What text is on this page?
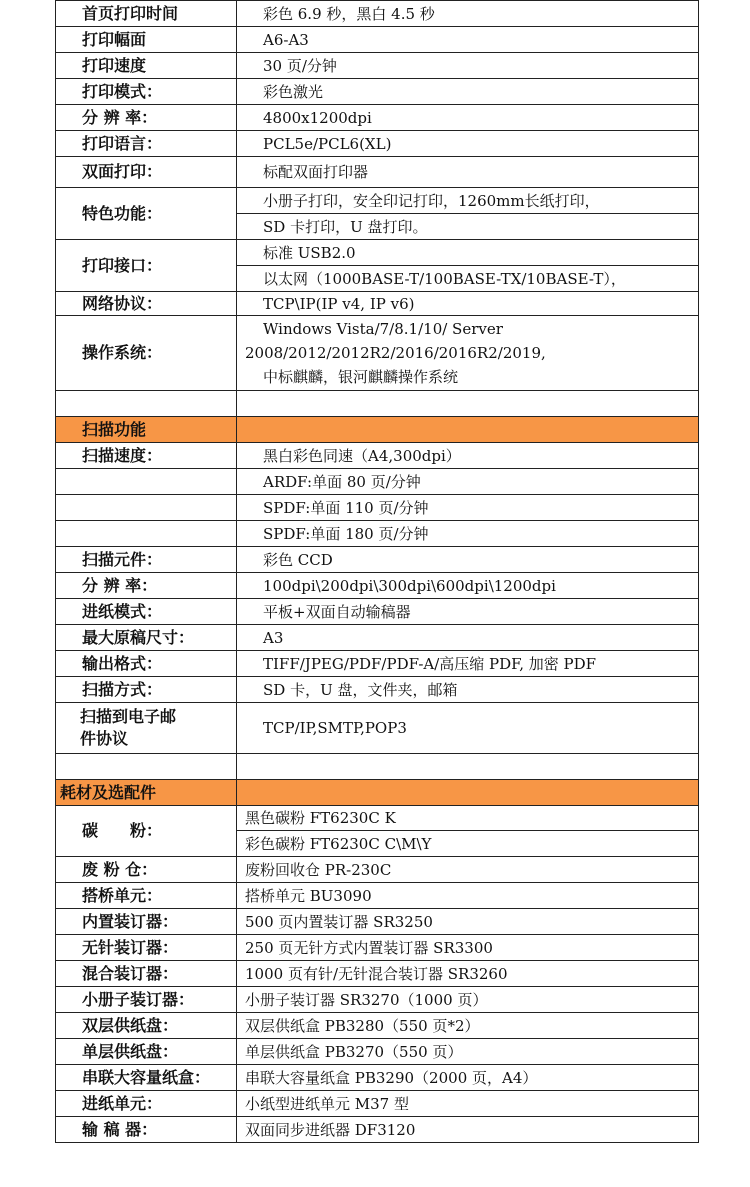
首页打印时间	彩色 6.9 秒，黑白 4.5 秒
打印幅面	A6-A3
打印速度	30 页/分钟
打印模式：	彩色激光
分 辨 率：	4800x1200dpi
打印语言：	PCL5e/PCL6(XL)
双面打印：	标配双面打印器
特色功能：	小册子打印，安全印记打印，1260mm长纸打印，
	SD 卡打印，U 盘打印。
打印接口：	标准 USB2.0
	以太网（1000BASE-T/100BASE-TX/10BASE-T），
网络协议：	TCP\IP(IP v4, IP v6)
操作系统：	Windows Vista/7/8.1/10/ Server
2008/2012/2012R2/2016/2016R2/2019,
中标麒麟，银河麒麟操作系统

扫描功能	
扫描速度：	黑白彩色同速（A4,300dpi）
	ARDF:单面 80 页/分钟
	SPDF:单面 110 页/分钟
	SPDF:单面 180 页/分钟
扫描元件：	彩色 CCD
分 辨 率：	100dpi\200dpi\300dpi\600dpi\1200dpi
进纸模式：	平板+双面自动输稿器
最大原稿尺寸：	A3
输出格式：	TIFF/JPEG/PDF/PDF-A/高压缩 PDF, 加密 PDF
扫描方式：	SD 卡，U 盘，文件夹，邮箱
扫描到电子邮件协议	TCP/IP,SMTP,POP3

耗材及选配件	
碳　　粉：	黑色碳粉 FT6230C K
	彩色碳粉 FT6230C C\M\Y
废 粉 仓：	废粉回收仓 PR-230C
搭桥单元：	搭桥单元 BU3090
内置装订器：	500 页内置装订器 SR3250
无针装订器：	250 页无针方式内置装订器 SR3300
混合装订器：	1000 页有针/无针混合装订器 SR3260
小册子装订器：	小册子装订器 SR3270（1000 页）
双层供纸盘：	双层供纸盒 PB3280（550 页*2）
单层供纸盘：	单层供纸盒 PB3270（550 页）
串联大容量纸盒：	串联大容量纸盒 PB3290（2000 页，A4）
进纸单元：	小纸型进纸单元 M37 型
输 稿 器：	双面同步进纸器 DF3120
